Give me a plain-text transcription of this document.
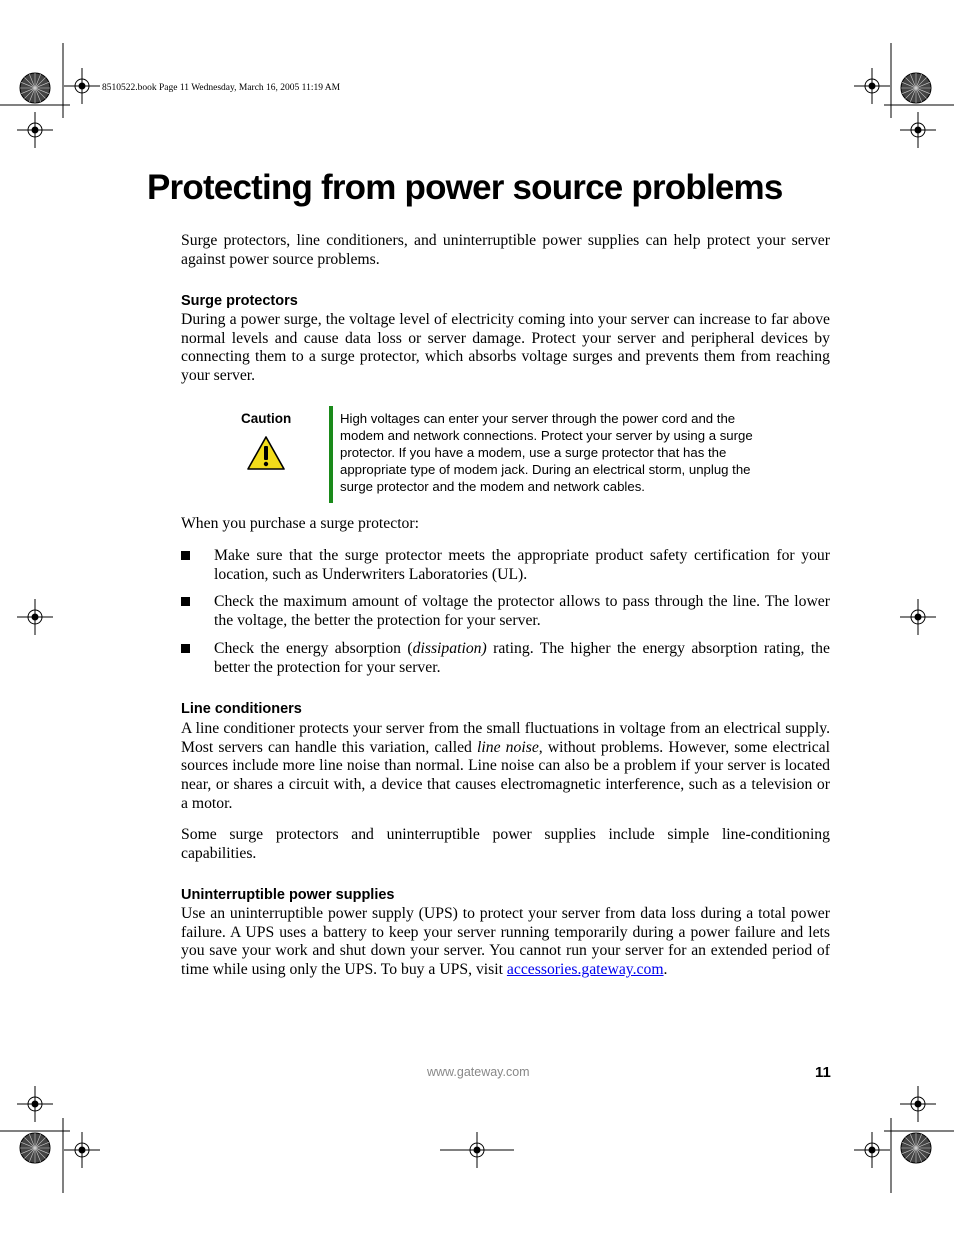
8510522.book Page 11 Wednesday, March 16, 2005 11:19 AM
Protecting from power source problems

Surge protectors, line conditioners, and uninterruptible power supplies can help protect your server against power source problems.

Surge protectors

During a power surge, the voltage level of electricity coming into your server can increase to far above normal levels and cause data loss or server damage. Protect your server and peripheral devices by connecting them to a surge protector, which absorbs voltage surges and prevents them from reaching your server.

Caution	High voltages can enter your server through the power cord and the modem and network connections. Protect your server by using a surge protector. If you have a modem, use a surge protector that has the appropriate type of modem jack. During an electrical storm, unplug the surge protector and the modem and network cables.

When you purchase a surge protector:

Make sure that the surge protector meets the appropriate product safety certification for your location, such as Underwriters Laboratories (UL).
Check the maximum amount of voltage the protector allows to pass through the line. The lower the voltage, the better the protection for your server.
Check the energy absorption (dissipation) rating. The higher the energy absorption rating, the better the protection for your server.
Line conditioners

A line conditioner protects your server from the small fluctuations in voltage from an electrical supply. Most servers can handle this variation, called line noise, without problems. However, some electrical sources include more line noise than normal. Line noise can also be a problem if your server is located near, or shares a circuit with, a device that causes electromagnetic interference, such as a television or a motor.

Some surge protectors and uninterruptible power supplies include simple line-conditioning capabilities.

Uninterruptible power supplies

Use an uninterruptible power supply (UPS) to protect your server from data loss during a total power failure. A UPS uses a battery to keep your server running temporarily during a power failure and lets you save your work and shut down your server. You cannot run your server for an extended period of time while using only the UPS. To buy a UPS, visit accessories.gateway.com.

www.gateway.com	11
